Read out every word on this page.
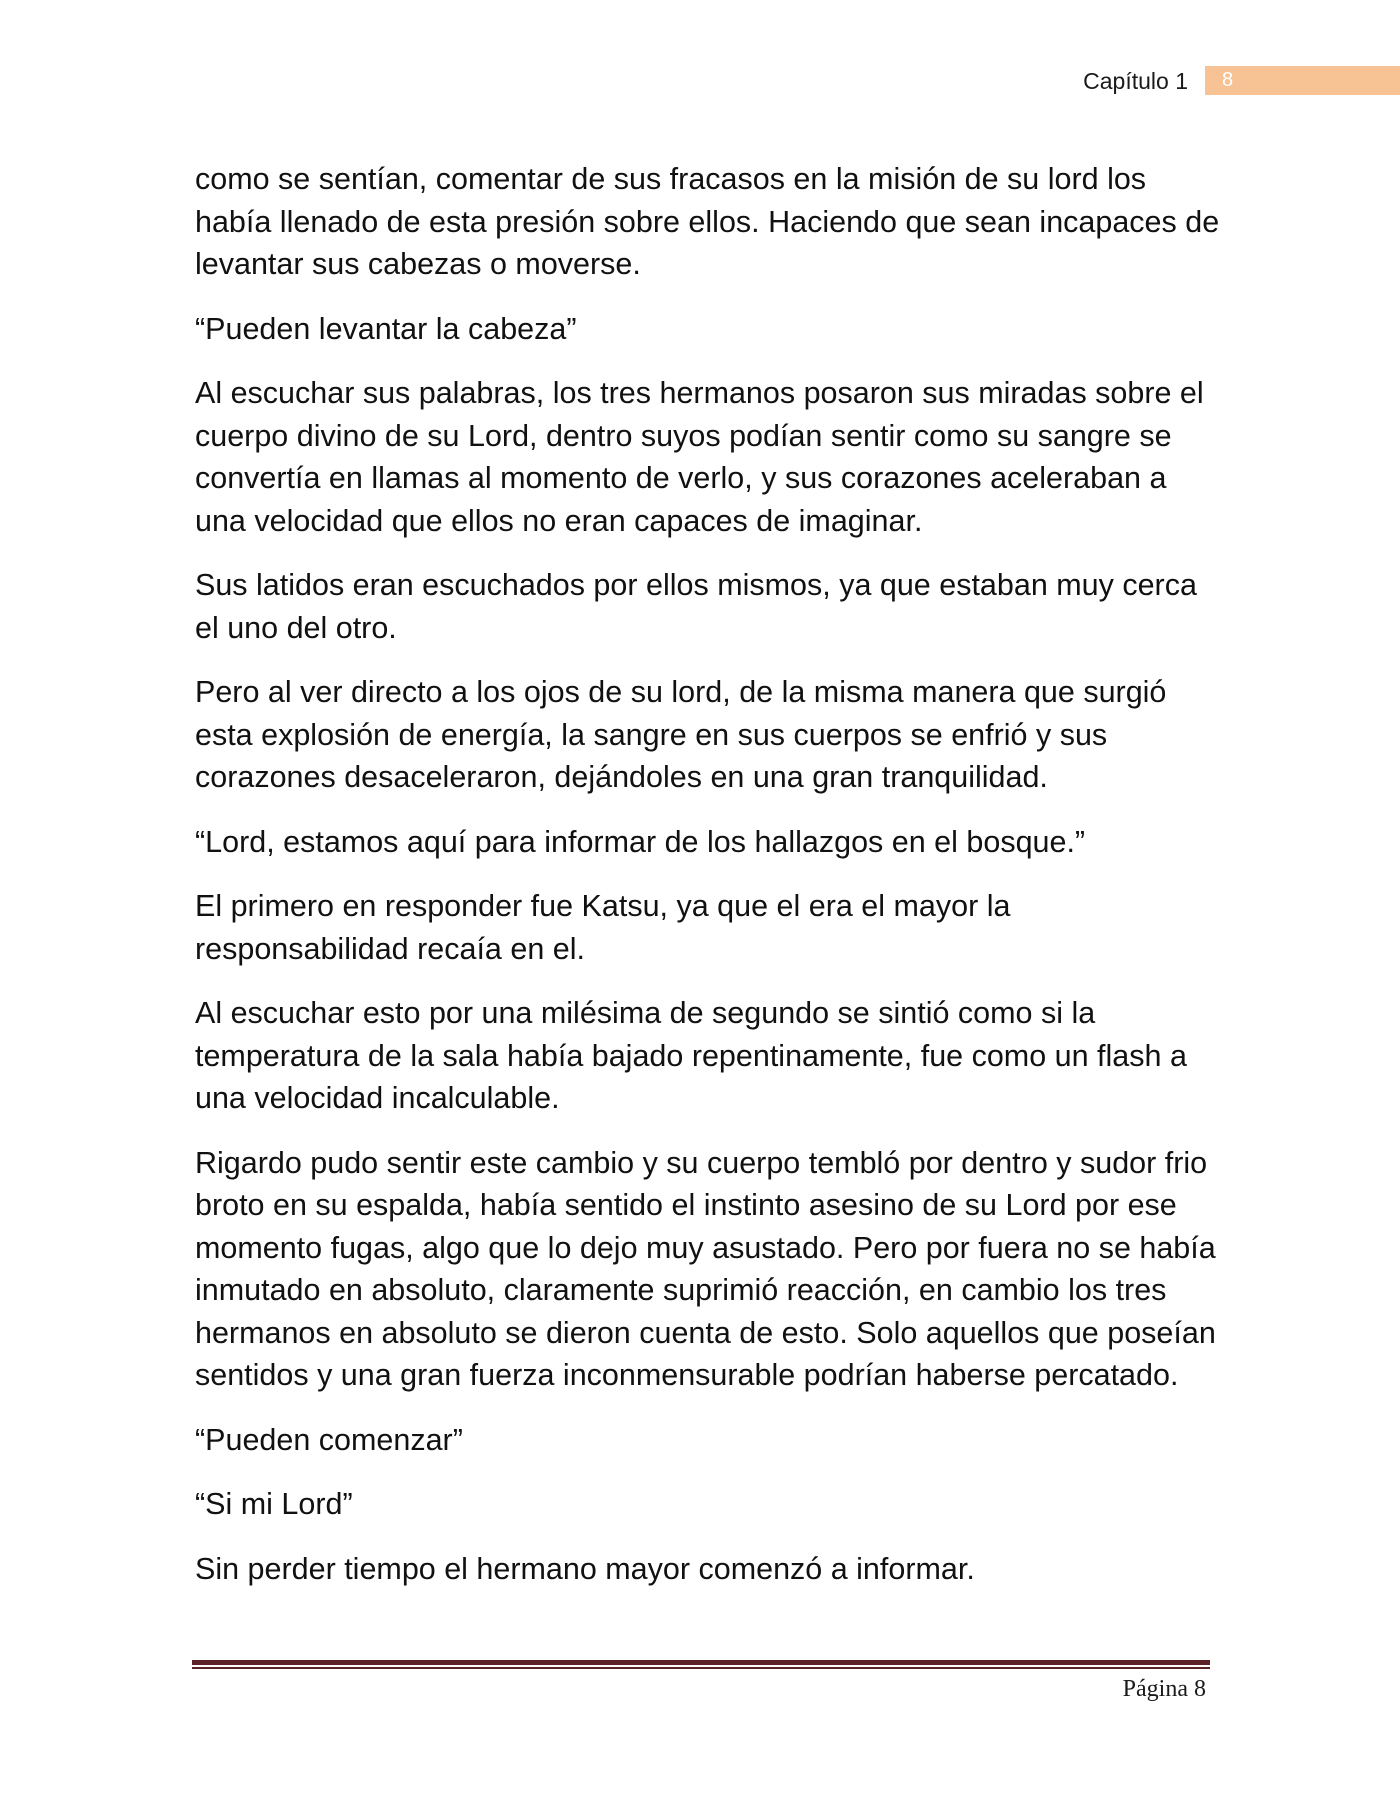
Capítulo 1	8

como se sentían, comentar de sus fracasos en la misión de su lord los había llenado de esta presión sobre ellos. Haciendo que sean incapaces de levantar sus cabezas o moverse.

“Pueden levantar la cabeza”

Al escuchar sus palabras, los tres hermanos posaron sus miradas sobre el cuerpo divino de su Lord, dentro suyos podían sentir como su sangre se convertía en llamas al momento de verlo, y sus corazones aceleraban a una velocidad que ellos no eran capaces de imaginar.

Sus latidos eran escuchados por ellos mismos, ya que estaban muy cerca el uno del otro.

Pero al ver directo a los ojos de su lord, de la misma manera que surgió esta explosión de energía, la sangre en sus cuerpos se enfrió y sus corazones desaceleraron, dejándoles en una gran tranquilidad.

“Lord, estamos aquí para informar de los hallazgos en el bosque.”

El primero en responder fue Katsu, ya que el era el mayor la responsabilidad recaía en el.

Al escuchar esto por una milésima de segundo se sintió como si la temperatura de la sala había bajado repentinamente, fue como un flash a una velocidad incalculable.

Rigardo pudo sentir este cambio y su cuerpo tembló por dentro y sudor frio broto en su espalda, había sentido el instinto asesino de su Lord por ese momento fugas, algo que lo dejo muy asustado. Pero por fuera no se había inmutado en absoluto, claramente suprimió reacción, en cambio los tres hermanos en absoluto se dieron cuenta de esto. Solo aquellos que poseían sentidos y una gran fuerza inconmensurable podrían haberse percatado.

“Pueden comenzar”

“Si mi Lord”

Sin perder tiempo el hermano mayor comenzó a informar.

Página 8
